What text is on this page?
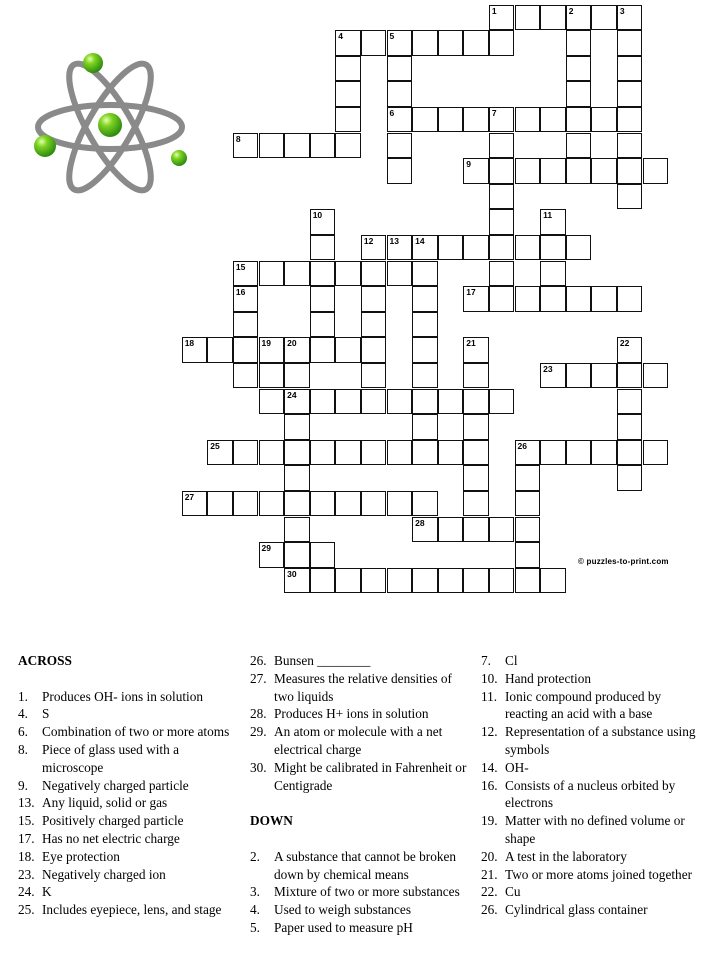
1	2
4	5
6	7
8
9
13 14
15
17
18	19 20
23
24
25	26
27
28
29
30
3
10	11
12
16
21	22
© puzzles-to-print.com
ACROSS
1.	Produces OH- ions in solution
4.	S
6.	Combination of two or more atoms
8.	Piece of glass used with a microscope
9.	Negatively charged particle
13. Any liquid, solid or gas
15. Positively charged particle
17. Has no net electric charge
18. Eye protection
23. Negatively charged ion
24. K
25. Includes eyepiece, lens, and stage
26. Bunsen ________
27. Measures the relative densities of two liquids
28. Produces H+ ions in solution
29. An atom or molecule with a net electrical charge
30. Might be calibrated in Fahrenheit or Centigrade
DOWN
2.	A substance that cannot be broken down by chemical means
3.	Mixture of two or more substances
4.	Used to weigh substances
5.	Paper used to measure pH
7.	Cl
10. Hand protection
11. Ionic compound produced by reacting an acid with a base
12. Representation of a substance using symbols
14. OH-
16. Consists of a nucleus orbited by electrons
19. Matter with no defined volume or shape
20. A test in the laboratory
21. Two or more atoms joined together
22. Cu
26. Cylindrical glass container
